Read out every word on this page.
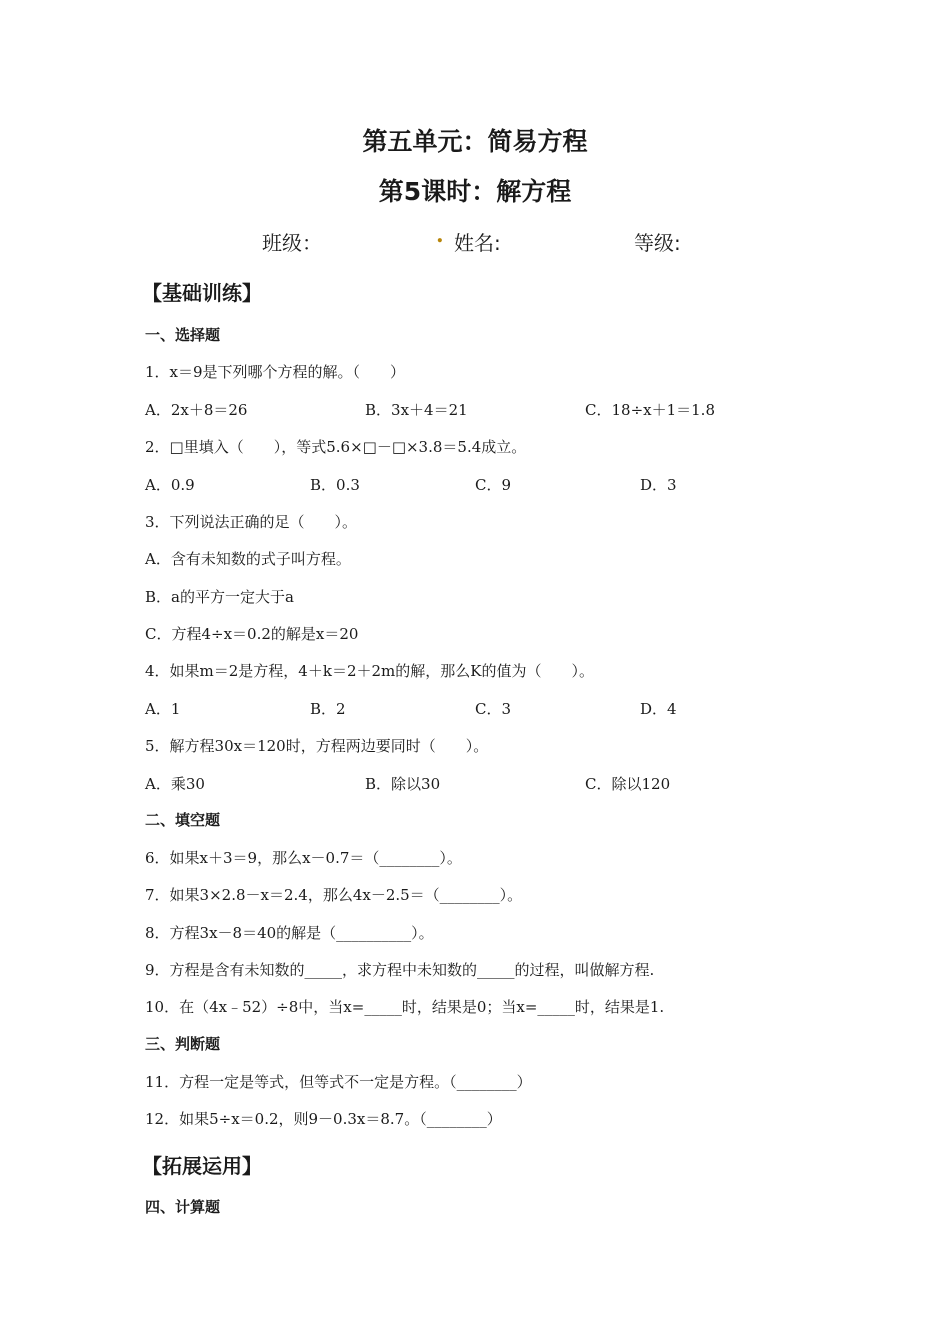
第五单元：简易方程
第5课时：解方程
班级：	. 姓名:	等级:
【基础训练】
一、选择题
1．x＝9是下列哪个方程的解。（　　）
A．2x＋8＝26	B．3x＋4＝21	C．18÷x＋1＝1.8
2．□里填入（　　），等式5.6×□－□×3.8＝5.4成立。
A．0.9	B．0.3	C．9	D．3
3．下列说法正确的足（　　）。
A．含有未知数的式子叫方程。
B．a的平方一定大于a
C．方程4÷x＝0.2的解是x＝20
4．如果m＝2是方程，4＋k＝2＋2m的解，那么K的值为（　　）。
A．1	B．2	C．3	D．4
5．解方程30x＝120时，方程两边要同时（　　）。
A．乘30	B．除以30	C．除以120
二、填空题
6．如果x＋3＝9，那么x－0.7＝（________）。
7．如果3×2.8－x＝2.4，那么4x－2.5＝（________）。
8．方程3x－8＝40的解是（__________）。
9．方程是含有未知数的_____，求方程中未知数的_____的过程，叫做解方程.
10．在（4x﹣52）÷8中，当x=_____时，结果是0；当x=_____时，结果是1.
三、判断题
11．方程一定是等式，但等式不一定是方程。（________）
12．如果5÷x＝0.2，则9－0.3x＝8.7。（________）
【拓展运用】
四、计算题
